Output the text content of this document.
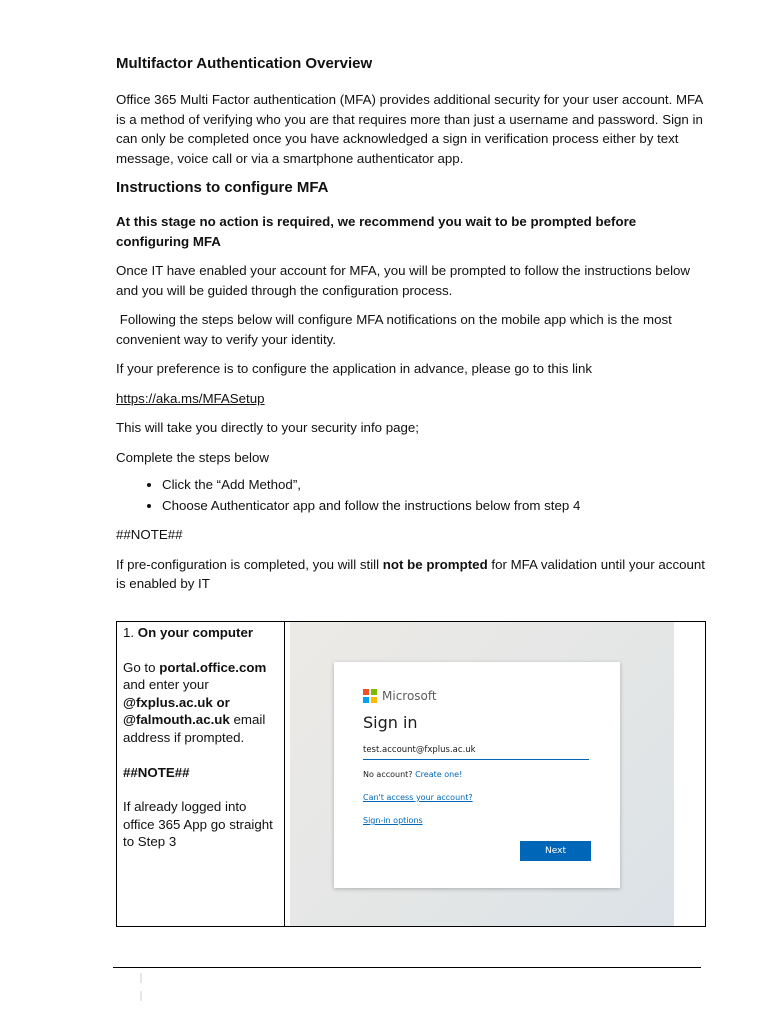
Multifactor Authentication Overview

Office 365 Multi Factor authentication (MFA) provides additional security for your user account. MFA is a method of verifying who you are that requires more than just a username and password. Sign in can only be completed once you have acknowledged a sign in verification process either by text message, voice call or via a smartphone authenticator app.

Instructions to configure MFA

At this stage no action is required, we recommend you wait to be prompted before configuring MFA

Once IT have enabled your account for MFA, you will be prompted to follow the instructions below and you will be guided through the configuration process.

Following the steps below will configure MFA notifications on the mobile app which is the most convenient way to verify your identity.

If your preference is to configure the application in advance, please go to this link

https://aka.ms/MFASetup

This will take you directly to your security info page;

Complete the steps below

• Click the “Add Method”,
• Choose Authenticator app and follow the instructions below from step 4

##NOTE##

If pre-configuration is completed, you will still not be prompted for MFA validation until your account is enabled by IT

1. On your computer

Go to portal.office.com and enter your @fxplus.ac.uk or @falmouth.ac.uk email address if prompted.

##NOTE##

If already logged into office 365 App go straight to Step 3

Microsoft
Sign in
test.account@fxplus.ac.uk
No account? Create one!
Can't access your account?
Sign-in options
Next
